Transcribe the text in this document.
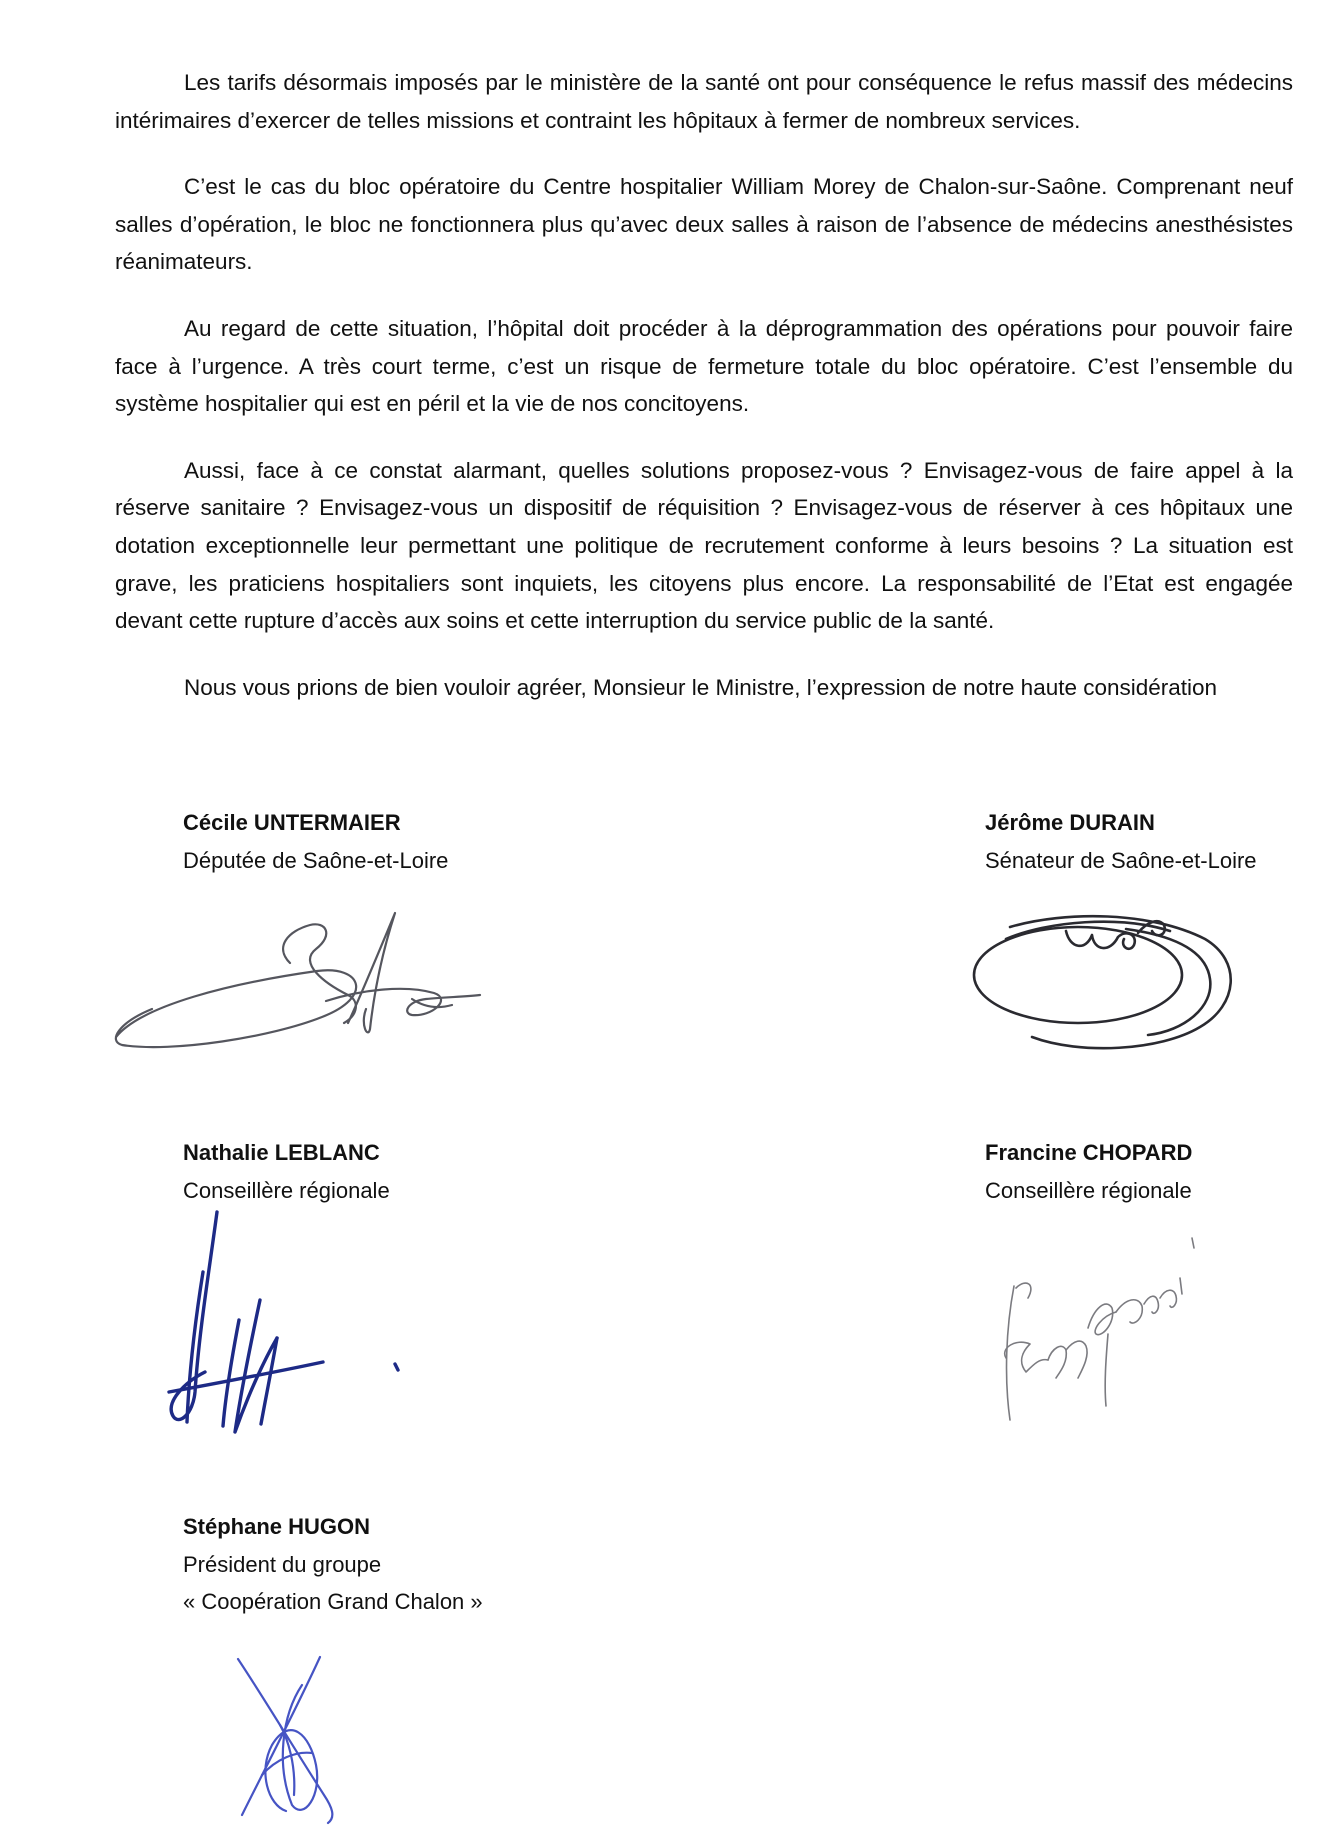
Les tarifs désormais imposés par le ministère de la santé ont pour conséquence le refus massif des médecins intérimaires d’exercer de telles missions et contraint les hôpitaux à fermer de nombreux services.

C’est le cas du bloc opératoire du Centre hospitalier William Morey de Chalon-sur-Saône. Comprenant neuf salles d’opération, le bloc ne fonctionnera plus qu’avec deux salles à raison de l’absence de médecins anesthésistes réanimateurs.

Au regard de cette situation, l’hôpital doit procéder à la déprogrammation des opérations pour pouvoir faire face à l’urgence. A très court terme, c’est un risque de fermeture totale du bloc opératoire. C’est l’ensemble du système hospitalier qui est en péril et la vie de nos concitoyens.

Aussi, face à ce constat alarmant, quelles solutions proposez-vous ? Envisagez-vous de faire appel à la réserve sanitaire ? Envisagez-vous un dispositif de réquisition ? Envisagez-vous de réserver à ces hôpitaux une dotation exceptionnelle leur permettant une politique de recrutement conforme à leurs besoins ? La situation est grave, les praticiens hospitaliers sont inquiets, les citoyens plus encore. La responsabilité de l’Etat est engagée devant cette rupture d’accès aux soins et cette interruption du service public de la santé.

Nous vous prions de bien vouloir agréer, Monsieur le Ministre, l’expression de notre haute considération

Cécile UNTERMAIER
Députée de Saône-et-Loire
Jérôme DURAIN
Sénateur de Saône-et-Loire
Nathalie LEBLANC
Conseillère régionale
Francine CHOPARD
Conseillère régionale
Stéphane HUGON
Président du groupe
« Coopération Grand Chalon »
